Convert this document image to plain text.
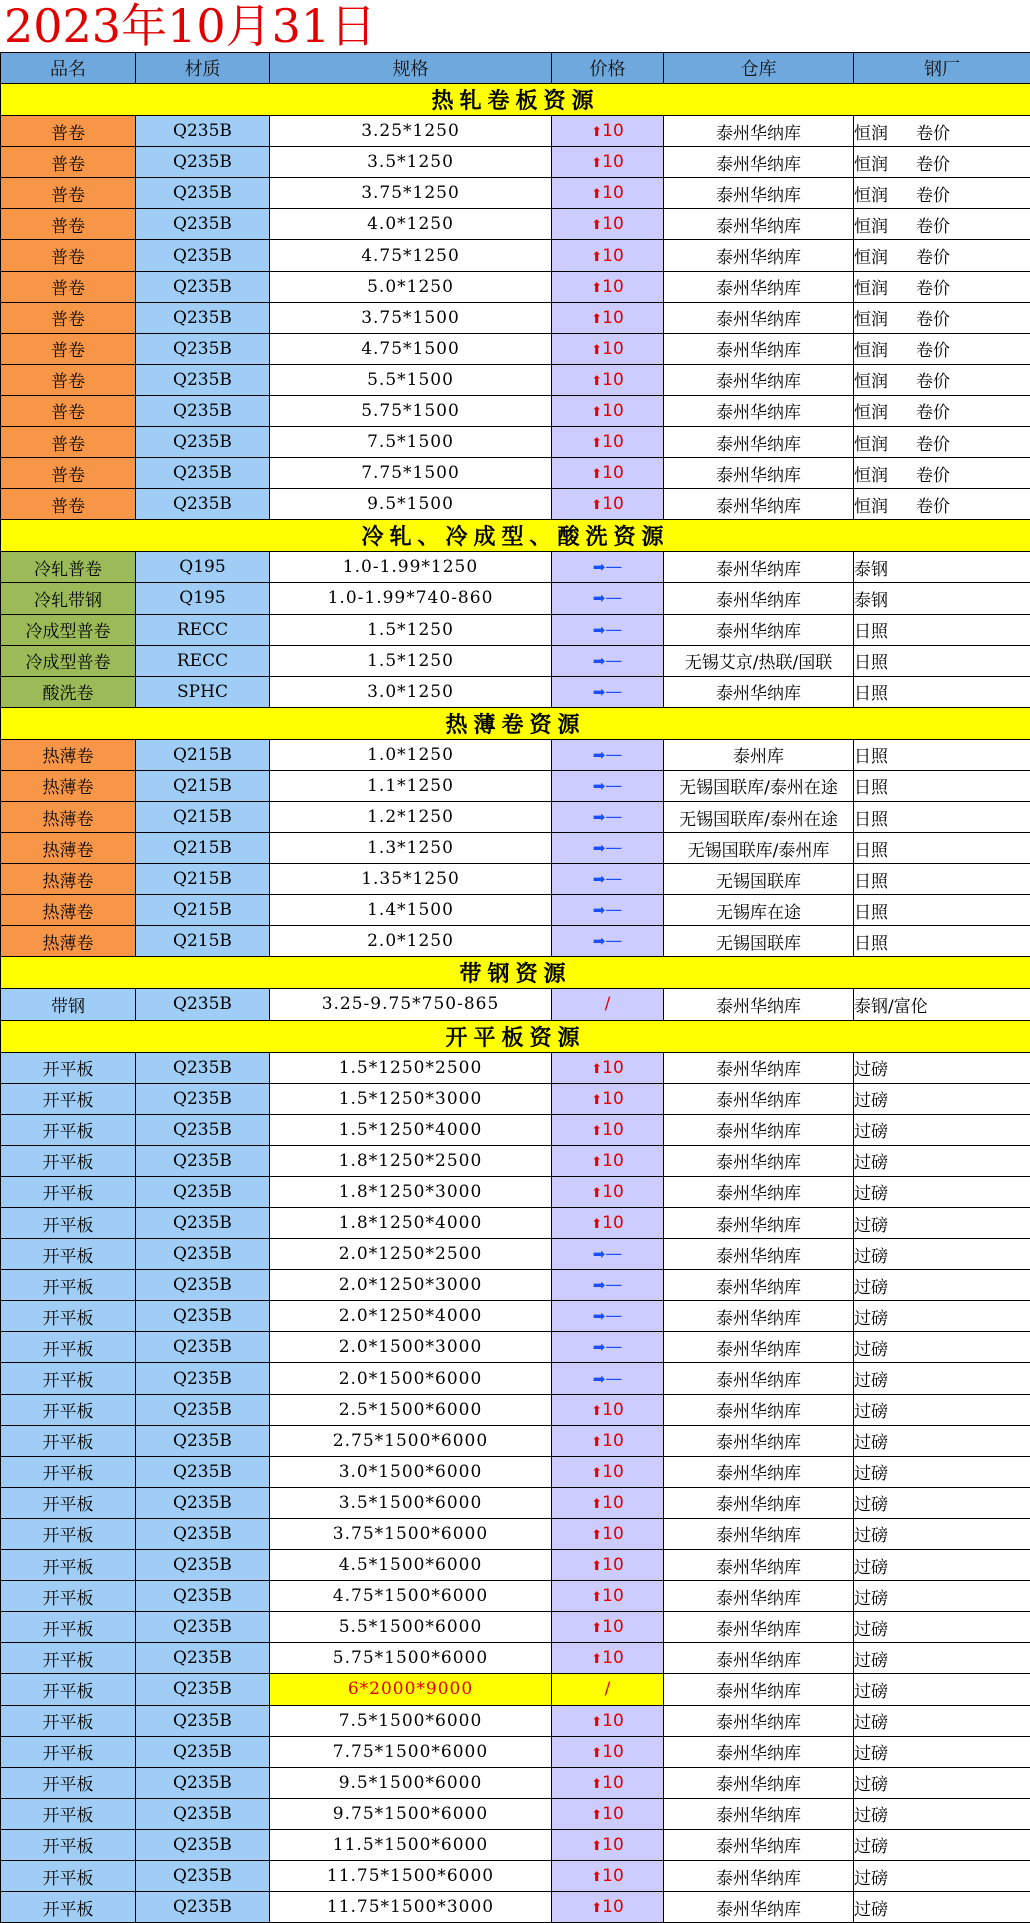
2023年10月31日
品名	材质	规格	价格	仓库	钢厂
热轧卷板资源					
普卷	Q235B	3.25*1250	⬆10	泰州华纳库	恒润 卷价
普卷	Q235B	3.5*1250	⬆10	泰州华纳库	恒润 卷价
普卷	Q235B	3.75*1250	⬆10	泰州华纳库	恒润 卷价
普卷	Q235B	4.0*1250	⬆10	泰州华纳库	恒润 卷价
普卷	Q235B	4.75*1250	⬆10	泰州华纳库	恒润 卷价
普卷	Q235B	5.0*1250	⬆10	泰州华纳库	恒润 卷价
普卷	Q235B	3.75*1500	⬆10	泰州华纳库	恒润 卷价
普卷	Q235B	4.75*1500	⬆10	泰州华纳库	恒润 卷价
普卷	Q235B	5.5*1500	⬆10	泰州华纳库	恒润 卷价
普卷	Q235B	5.75*1500	⬆10	泰州华纳库	恒润 卷价
普卷	Q235B	7.5*1500	⬆10	泰州华纳库	恒润 卷价
普卷	Q235B	7.75*1500	⬆10	泰州华纳库	恒润 卷价
普卷	Q235B	9.5*1500	⬆10	泰州华纳库	恒润 卷价
冷轧、冷成型、酸洗资源					
冷轧普卷	Q195	1.0-1.99*1250	➡—	泰州华纳库	泰钢
冷轧带钢	Q195	1.0-1.99*740-860	➡—	泰州华纳库	泰钢
冷成型普卷	RECC	1.5*1250	➡—	泰州华纳库	日照
冷成型普卷	RECC	1.5*1250	➡—	无锡艾京/热联/国联	日照
酸洗卷	SPHC	3.0*1250	➡—	泰州华纳库	日照
热薄卷资源					
热薄卷	Q215B	1.0*1250	➡—	泰州库	日照
热薄卷	Q215B	1.1*1250	➡—	无锡国联库/泰州在途	日照
热薄卷	Q215B	1.2*1250	➡—	无锡国联库/泰州在途	日照
热薄卷	Q215B	1.3*1250	➡—	无锡国联库/泰州库	日照
热薄卷	Q215B	1.35*1250	➡—	无锡国联库	日照
热薄卷	Q215B	1.4*1500	➡—	无锡库在途	日照
热薄卷	Q215B	2.0*1250	➡—	无锡国联库	日照
带钢资源					
带钢	Q235B	3.25-9.75*750-865	/	泰州华纳库	泰钢/富伦
开平板资源					
开平板	Q235B	1.5*1250*2500	⬆10	泰州华纳库	过磅
开平板	Q235B	1.5*1250*3000	⬆10	泰州华纳库	过磅
开平板	Q235B	1.5*1250*4000	⬆10	泰州华纳库	过磅
开平板	Q235B	1.8*1250*2500	⬆10	泰州华纳库	过磅
开平板	Q235B	1.8*1250*3000	⬆10	泰州华纳库	过磅
开平板	Q235B	1.8*1250*4000	⬆10	泰州华纳库	过磅
开平板	Q235B	2.0*1250*2500	➡—	泰州华纳库	过磅
开平板	Q235B	2.0*1250*3000	➡—	泰州华纳库	过磅
开平板	Q235B	2.0*1250*4000	➡—	泰州华纳库	过磅
开平板	Q235B	2.0*1500*3000	➡—	泰州华纳库	过磅
开平板	Q235B	2.0*1500*6000	➡—	泰州华纳库	过磅
开平板	Q235B	2.5*1500*6000	⬆10	泰州华纳库	过磅
开平板	Q235B	2.75*1500*6000	⬆10	泰州华纳库	过磅
开平板	Q235B	3.0*1500*6000	⬆10	泰州华纳库	过磅
开平板	Q235B	3.5*1500*6000	⬆10	泰州华纳库	过磅
开平板	Q235B	3.75*1500*6000	⬆10	泰州华纳库	过磅
开平板	Q235B	4.5*1500*6000	⬆10	泰州华纳库	过磅
开平板	Q235B	4.75*1500*6000	⬆10	泰州华纳库	过磅
开平板	Q235B	5.5*1500*6000	⬆10	泰州华纳库	过磅
开平板	Q235B	5.75*1500*6000	⬆10	泰州华纳库	过磅
开平板	Q235B	6*2000*9000	/	泰州华纳库	过磅
开平板	Q235B	7.5*1500*6000	⬆10	泰州华纳库	过磅
开平板	Q235B	7.75*1500*6000	⬆10	泰州华纳库	过磅
开平板	Q235B	9.5*1500*6000	⬆10	泰州华纳库	过磅
开平板	Q235B	9.75*1500*6000	⬆10	泰州华纳库	过磅
开平板	Q235B	11.5*1500*6000	⬆10	泰州华纳库	过磅
开平板	Q235B	11.75*1500*6000	⬆10	泰州华纳库	过磅
开平板	Q235B	11.75*1500*3000	⬆10	泰州华纳库	过磅
